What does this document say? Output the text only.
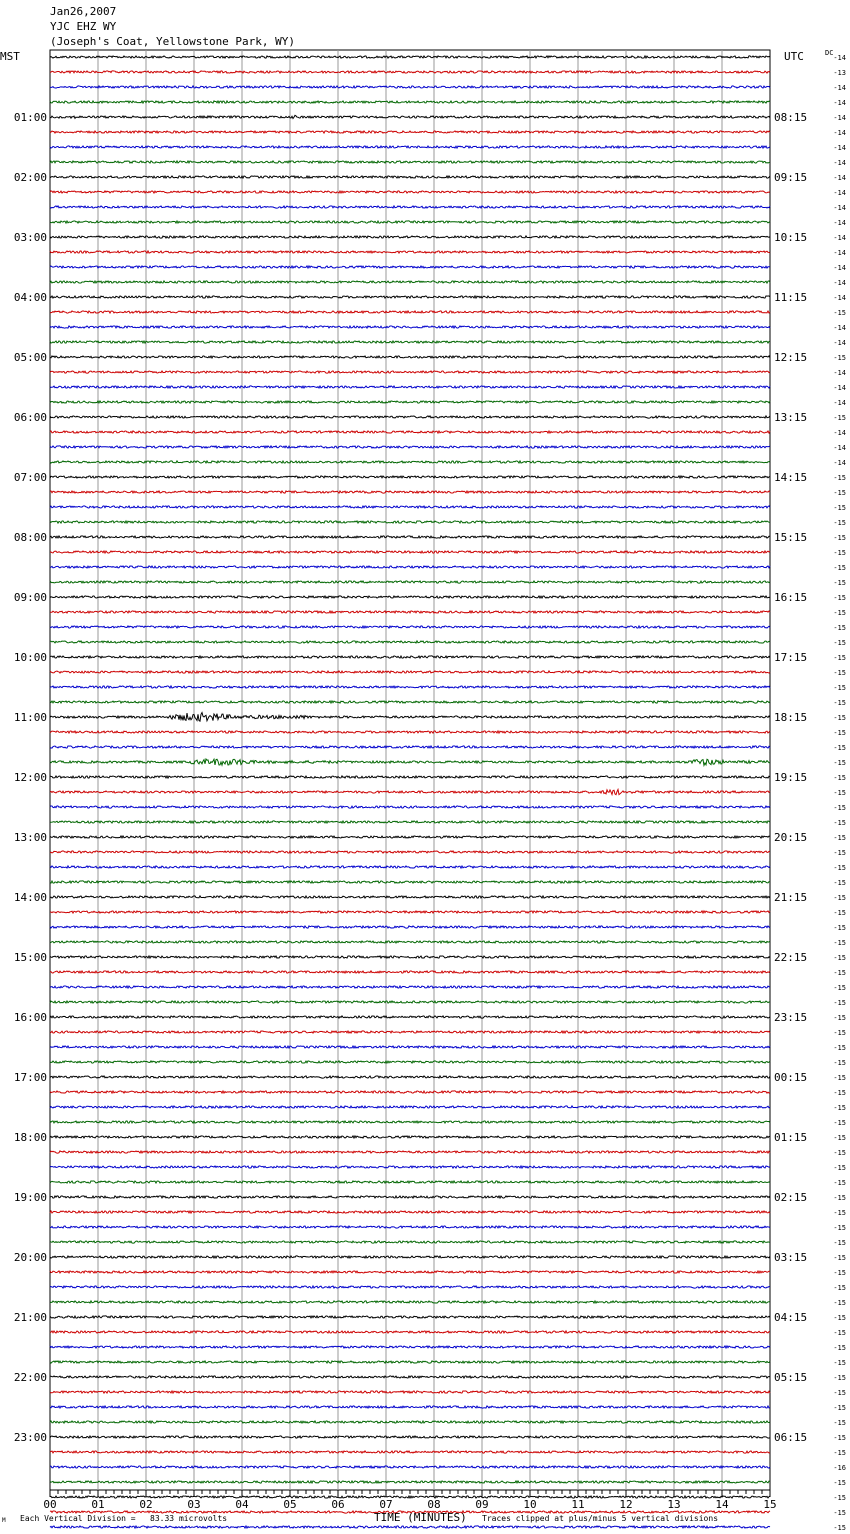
Jan26,2007
YJC EHZ WY
(Joseph's Coat, Yellowstone Park, WY)
MST	UTC	DC
01:00	08:15
02:00	09:15
03:00	10:15
04:00	11:15
05:00	12:15
06:00	13:15
07:00	14:15
08:00	15:15
09:00	16:15
10:00	17:15
11:00	18:15
12:00	19:15
13:00	20:15
14:00	21:15
15:00	22:15
16:00	23:15
17:00	00:15
18:00	01:15
19:00	02:15
20:00	03:15
21:00	04:15
22:00	05:15
23:00	06:15
-14
-13
-14
-14
-14
-14
-14
-14
-14
-14
-14
-14
-14
-14
-14
-14
-14
-15
-14
-14
-15
-14
-14
-14
-15
-14
-14
-14
-15
-15
-15
-15
-15
-15
-15
-15
-15
-15
-15
-15
-15
-15
-15
-15
-15
-15
-15
-15
-15
-15
-15
-15
-15
-15
-15
-15
-15
-15
-15
-15
-15
-15
-15
-15
-15
-15
-15
-15
-15
-15
-15
-15
-15
-15
-15
-15
-15
-15
-15
-15
-15
-15
-15
-15
-15
-15
-15
-15
-15
-15
-15
-15
-15
-15
-16
-15
-15
-15
-15
00	01	02	03	04	05	06	07	08	09	10	11	12	13	14	15
Each Vertical Division =   83.33 microvolts	TIME (MINUTES) Traces clipped at plus/minus 5 vertical divisions
M
